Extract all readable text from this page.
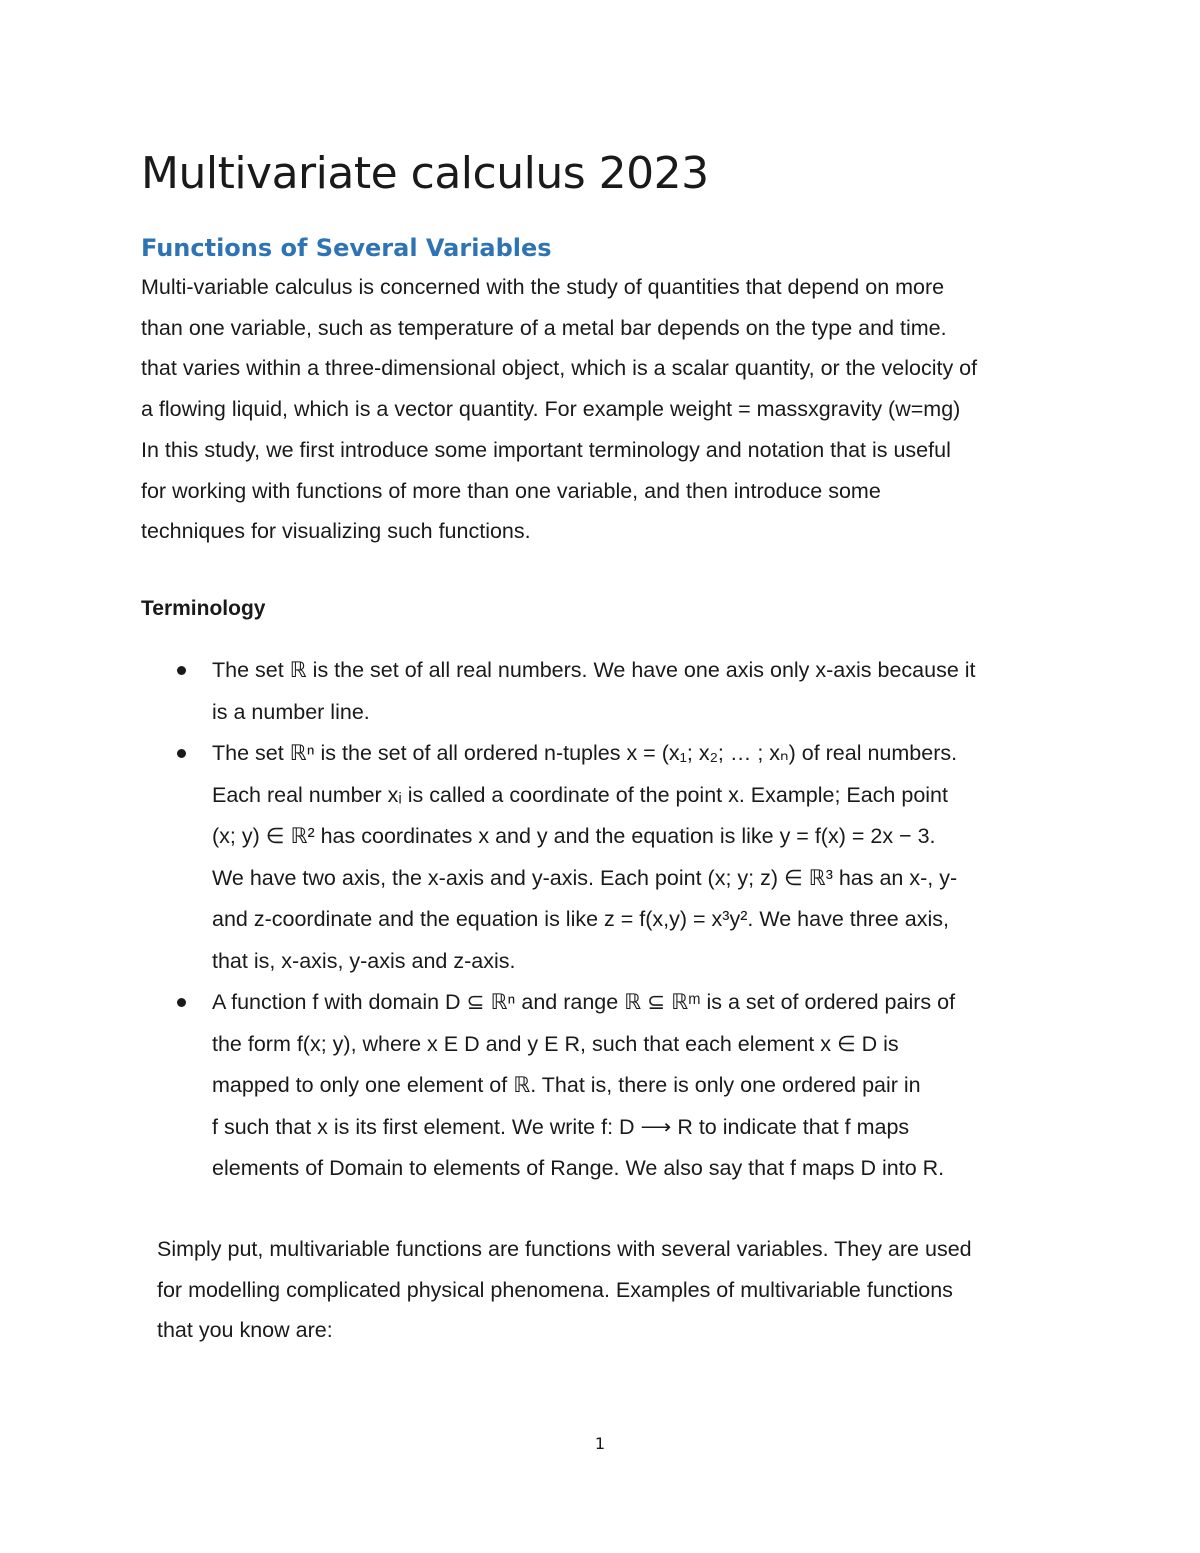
Multivariate calculus 2023
Functions of Several Variables

Multi-variable calculus is concerned with the study of quantities that depend on more
than one variable, such as temperature of a metal bar depends on the type and time.
that varies within a three-dimensional object, which is a scalar quantity, or the velocity of
a flowing liquid, which is a vector quantity. For example weight = massxgravity (w=mg)
In this study, we first introduce some important terminology and notation that is useful
for working with functions of more than one variable, and then introduce some
techniques for visualizing such functions.

Terminology
The set ℝ is the set of all real numbers. We have one axis only x-axis because it
is a number line.
The set ℝⁿ is the set of all ordered n-tuples x = (x₁; x₂; … ; xₙ) of real numbers.
Each real number xᵢ is called a coordinate of the point x. Example; Each point
(x; y) ∈ ℝ² has coordinates x and y and the equation is like y = f(x) = 2x − 3.
We have two axis, the x-axis and y-axis. Each point (x; y; z) ∈ ℝ³ has an x-, y-
and z-coordinate and the equation is like z = f(x,y) = x³y². We have three axis,
that is, x-axis, y-axis and z-axis.
A function f with domain D ⊆ ℝⁿ and range ℝ ⊆ ℝᵐ is a set of ordered pairs of
the form f(x; y), where x E D and y E R, such that each element x ∈ D is
mapped to only one element of ℝ. That is, there is only one ordered pair in
f such that x is its first element. We write f: D ⟶ R to indicate that f maps
elements of Domain to elements of Range. We also say that f maps D into R.

Simply put, multivariable functions are functions with several variables. They are used
for modelling complicated physical phenomena. Examples of multivariable functions
that you know are:

1
